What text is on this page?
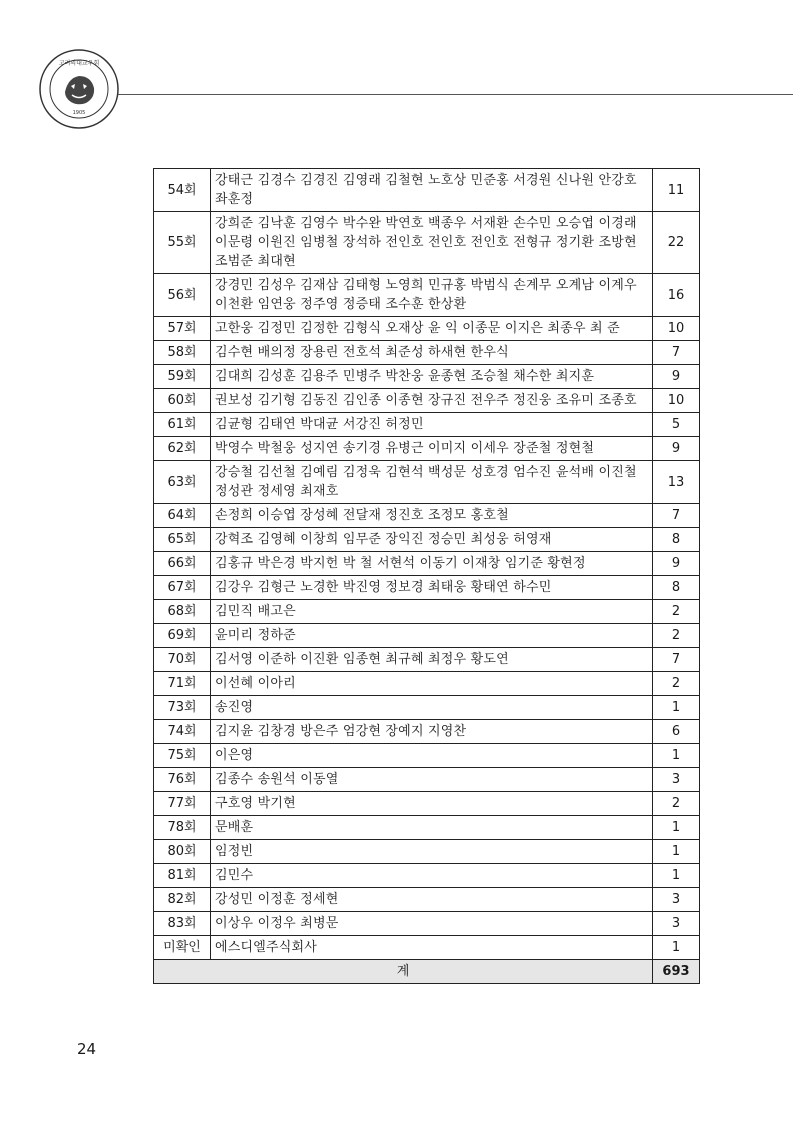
1905
고려의대교우회
54회	강태근 김경수 김경진 김영래 김철현 노호상 민준홍 서경원 신나원 안강호 좌훈정	11
55회	강희준 김낙훈 김영수 박수완 박연호 백종우 서재환 손수민 오승엽 이경래 이문령 이원진 임병철 장석하 전인호 전인호 전인호 전형규 정기환 조방현 조범준 최대현	22
56회	강경민 김성우 김재삼 김태형 노영희 민규홍 박범식 손계무 오계남 이계우 이천환 임연웅 정주영 정증태 조수훈 한상환	16
57회	고한웅 김정민 김정한 김형식 오재상 윤 익 이종문 이지은 최종우 최 준	10
58회	김수현 배의정 장용린 전호석 최준성 하새현 한우식	7
59회	김대희 김성훈 김용주 민병주 박찬웅 윤종현 조승철 채수한 최지훈	9
60회	권보성 김기형 김동진 김인종 이종현 장규진 전우주 정진웅 조유미 조종호	10
61회	김균형 김태연 박대균 서강진 허정민	5
62회	박영수 박철웅 성지연 송기경 유병근 이미지 이세우 장준철 정현철	9
63회	강승철 김선철 김예림 김정욱 김현석 백성문 성호경 엄수진 윤석배 이진철 정성관 정세영 최재호	13
64회	손정희 이승엽 장성혜 전달재 정진호 조정모 홍호철	7
65회	강혁조 김영혜 이창희 임무준 장익진 정승민 최성웅 허영재	8
66회	김홍규 박은경 박지헌 박 철 서현석 이동기 이재창 임기준 황현정	9
67회	김강우 김형근 노경한 박진영 정보경 최태웅 황태연 하수민	8
68회	김민직 배고은	2
69회	윤미리 정하준	2
70회	김서영 이준하 이진환 임종현 최규혜 최정우 황도연	7
71회	이선혜 이아리	2
73회	송진영	1
74회	김지윤 김창경 방은주 엄강현 장예지 지영찬	6
75회	이은영	1
76회	김종수 송원석 이동열	3
77회	구호영 박기현	2
78회	문배훈	1
80회	임정빈	1
81회	김민수	1
82회	강성민 이정훈 정세현	3
83회	이상우 이정우 최병문	3
미확인	에스디엘주식회사	1
계		693
24
